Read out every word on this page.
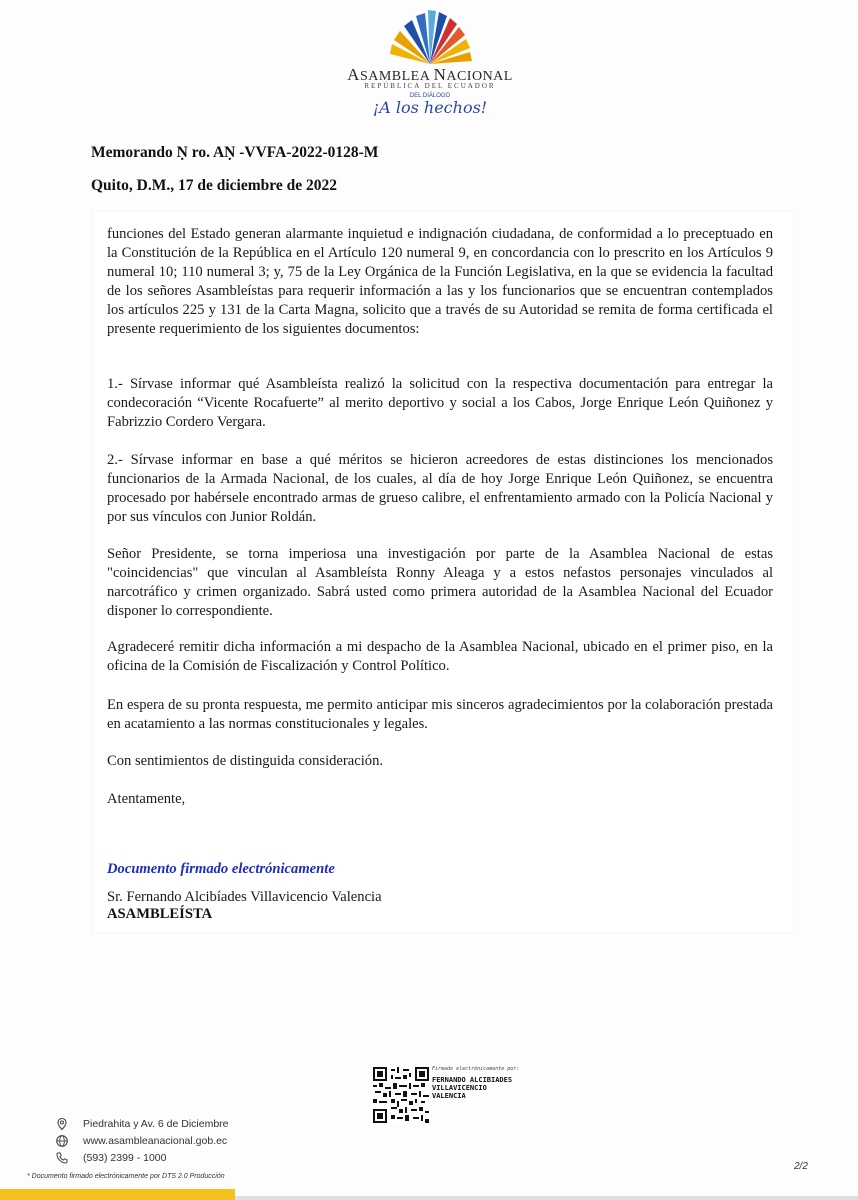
ASAMBLEA NACIONAL
REPÚBLICA DEL ECUADOR
DEL DIÁLOGO
¡A los hechos!
Memorando Ṇ ro. AṆ -VVFA-2022-0128-M
Quito, D.M., 17 de diciembre de 2022

funciones del Estado generan alarmante inquietud e indignación ciudadana, de conformidad a lo preceptuado en la Constitución de la República en el Artículo 120 numeral 9, en concordancia con lo prescrito en los Artículos 9 numeral 10; 110 numeral 3; y, 75 de la Ley Orgánica de la Función Legislativa, en la que se evidencia la facultad de los señores Asambleístas para requerir información a las y los funcionarios que se encuentran contemplados los artículos 225 y 131 de la Carta Magna, solicito que a través de su Autoridad se remita de forma certificada el presente requerimiento de los siguientes documentos:

1.- Sírvase informar qué Asambleísta realizó la solicitud con la respectiva documentación para entregar la condecoración “Vicente Rocafuerte” al merito deportivo y social a los Cabos, Jorge Enrique León Quiñonez y Fabrizzio Cordero Vergara.

2.- Sírvase informar en base a qué méritos se hicieron acreedores de estas distinciones los mencionados funcionarios de la Armada Nacional, de los cuales, al día de hoy Jorge Enrique León Quiñonez, se encuentra procesado por habérsele encontrado armas de grueso calibre, el enfrentamiento armado con la Policía Nacional y por sus vínculos con Junior Roldán.

Señor Presidente, se torna imperiosa una investigación por parte de la Asamblea Nacional de estas "coincidencias" que vinculan al Asambleísta Ronny Aleaga y a estos nefastos personajes vinculados al narcotráfico y crimen organizado. Sabrá usted como primera autoridad de la Asamblea Nacional del Ecuador disponer lo correspondiente.

Agradeceré remitir dicha información a mi despacho de la Asamblea Nacional, ubicado en el primer piso, en la oficina de la Comisión de Fiscalización y Control Político.

En espera de su pronta respuesta, me permito anticipar mis sinceros agradecimientos por la colaboración prestada en acatamiento a las normas constitucionales y legales.

Con sentimientos de distinguida consideración.

Atentamente,

Documento firmado electrónicamente
Sr. Fernando Alcibíades Villavicencio Valencia
ASAMBLEÍSTA
Firmado electrónicamente por:
FERNANDO ALCIBIADES
VILLAVICENCIO
VALENCIA
Piedrahita y Av. 6 de Diciembre
www.asambleanacional.gob.ec
(593) 2399 - 1000
* Documento firmado electrónicamente por DTS 2.0 Producción
2/2
